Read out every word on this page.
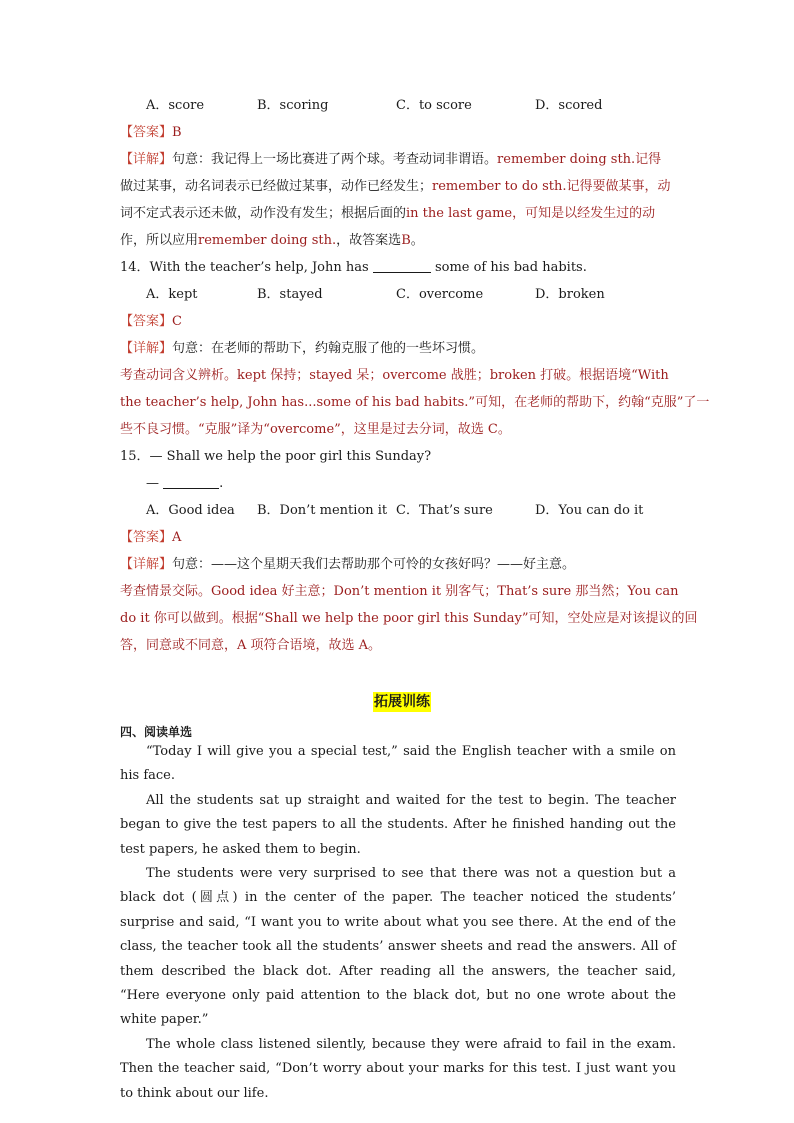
A．score	B．scoring	C．to score	D．scored
【答案】B
【详解】句意：我记得上一场比赛进了两个球。考查动词非谓语。remember doing sth.记得
做过某事，动名词表示已经做过某事，动作已经发生；remember to do sth.记得要做某事，动
词不定式表示还未做，动作没有发生；根据后面的in the last game，可知是以经发生过的动
作，所以应用remember doing sth.，故答案选B。
14．With the teacher’s help, John has	some of his bad habits.
A．kept	B．stayed	C．overcome	D．broken
【答案】C
【详解】句意：在老师的帮助下，约翰克服了他的一些坏习惯。
考查动词含义辨析。kept 保持；stayed 呆；overcome 战胜；broken 打破。根据语境“With
the teacher’s help, John has...some of his bad habits.”可知，在老师的帮助下，约翰“克服”了一
些不良习惯。“克服”译为“overcome”，这里是过去分词，故选 C。
15．— Shall we help the poor girl this Sunday?
—	.
A．Good idea	B．Don’t mention it C．That’s sure	D．You can do it
【答案】A
【详解】句意：——这个星期天我们去帮助那个可怜的女孩好吗？——好主意。
考查情景交际。Good idea 好主意；Don’t mention it 别客气；That’s sure 那当然；You can
do it 你可以做到。根据“Shall we help the poor girl this Sunday”可知，空处应是对该提议的回
答，同意或不同意，A 项符合语境，故选 A。
拓展训练
四、阅读单选
“Today I will give you a special test,” said the English teacher with a smile on his face.
All the students sat up straight and waited for the test to begin. The teacher began to give the test papers to all the students. After he finished handing out the test papers, he asked them to begin.
The students were very surprised to see that there was not a question but a black dot (圆点) in the center of the paper. The teacher noticed the students’ surprise and said, “I want you to write about what you see there. At the end of the class, the teacher took all the students’ answer sheets and read the answers. All of them described the black dot. After reading all the answers, the teacher said, “Here everyone only paid attention to the black dot, but no one wrote about the white paper.”
The whole class listened silently, because they were afraid to fail in the exam. Then the teacher said, “Don’t worry about your marks for this test. I just want you to think about our life.
